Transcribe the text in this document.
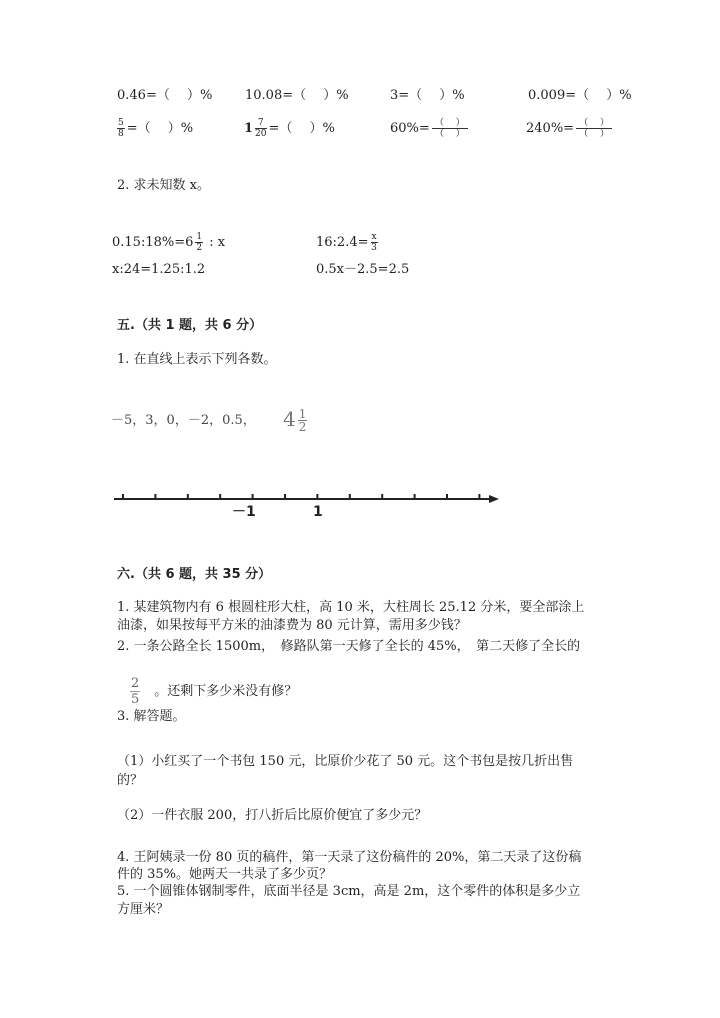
0.46=（　 ）%	10.08=（　 ）%	3=（　 ）%	0.009=（　 ）%
$\frac{5}{8}$ =（　 ）%	$1 \frac{7}{20}$ =（　 ）%	$60\%= \frac{( )}{( )}$	$240\%= \frac{( )}{( )}$
2. 求未知数 x。
0.15:18%=6 $\frac{1}{2}$ : x	16:2.4= $\frac{x}{3}$
x:24=1.25:1.2	0.5x－2.5=2.5
五.（共 1 题，共 6 分）
1. 在直线上表示下列各数。
－5，3，0，－2，0.5， $4 \frac{1}{2}$
－1	1
六.（共 6 题，共 35 分）
1. 某建筑物内有 6 根圆柱形大柱，高 10 米，大柱周长 25.12 分米，要全部涂上
油漆，如果按每平方米的油漆费为 80 元计算，需用多少钱？
2. 一条公路全长 1500m，　修路队第一天修了全长的 45%，　第二天修了全长的
$\frac{2}{5}$ 。还剩下多少米没有修？
3. 解答题。
（1）小红买了一个书包 150 元，比原价少花了 50 元。这个书包是按几折出售
的？
（2）一件衣服 200，打八折后比原价便宜了多少元？
4. 王阿姨录一份 80 页的稿件，第一天录了这份稿件的 20%，第二天录了这份稿
件的 35%。她两天一共录了多少页？
5. 一个圆锥体钢制零件，底面半径是 3cm，高是 2m，这个零件的体积是多少立
方厘米？
